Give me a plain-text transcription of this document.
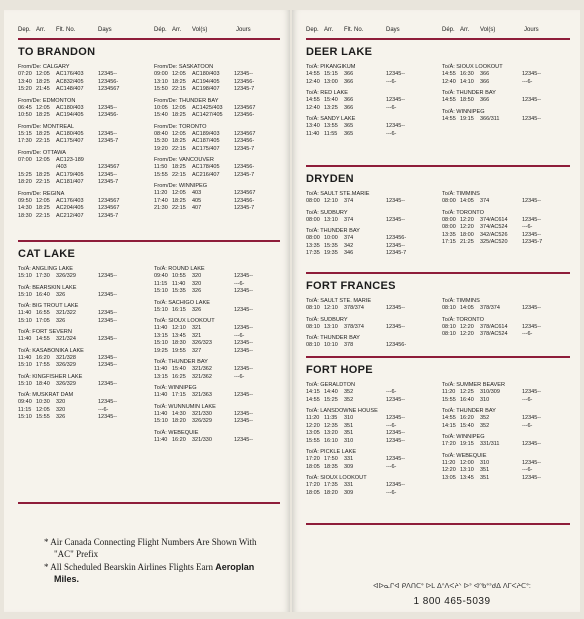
Dep. Arr. Flt. No.	Days	Dép. Arr. Vol(s)	Jours
TO BRANDON
From/De: CALGARY
07:20 12:05 AC176/403	12345--
13:40 18:25 AC832/405	123456-
15:20 21:45 AC148/407	1234567
From/De: EDMONTON
06:45 12:05 AC180/403	12345--
10:50 18:25 AC194/405	123456-
From/De: MONTREAL
15:15 18:25 AC180/405	12345--
17:30 22:15 AC175/407	12345-7
From/De: OTTAWA
07:00 12:05 AC123-189
/403	1234567
15:25 18:25 AC179/405	12345--
18:20 22:15 AC181/407	12345-7
From/De: REGINA
09:50 12:05 AC176/403	1234567
14:30 18:25 AC204/405	1234567
18:30 22:15 AC212/407	12345-7
From/De: SASKATOON
09:00 12:05 AC180/403	12345--
13:10 18:25 AC194/405	123456-
15:50 22:15 AC198/407	12345-7
From/De: THUNDER BAY
10:05 12:05 AC1425/403 1234567
15:40 18:25 AC1427/405 123456-
From/De: TORONTO
08:40 12:05 AC189/403	1234567
15:30 18:25 AC187/405	123456-
19:20 22:15 AC175/407	12345-7
From/De: VANCOUVER
11:50 18:25 AC178/405	123456-
15:55 22:15 AC216/407	12345-7
From/De: WINNIPEG
11:20 12:05 403	1234567
17:40 18:25 405	123456-
21:30 22:15 407	12345-7
CAT LAKE
To/À: ANGLING LAKE
15:10 17:30 326/329	12345--
To/À: BEARSKIN LAKE
15:10 16:40 326	12345--
To/À: BIG TROUT LAKE
11:40 16:55 321/322	12345--
15:10 17:05 326	12345--
To/À: FORT SEVERN
11:40 14:55 321/324	12345--
To/À: KASABONIKA LAKE
11:40 16:20 321/328	12345--
15:10 17:55 326/329	12345--
To/À: KINGFISHER LAKE
15:10 18:40 326/329	12345--
To/À: MUSKRAT DAM
09:40 10:30 320	12345--
11:15 12:05 320	---6-
15:10 15:55 326	12345--
To/À: ROUND LAKE
09:40 10:55 320	12345--
11:15 11:40 320	---6-
15:10 15:35 326	12345--
To/À: SACHIGO LAKE
15:10 16:15 326	12345--
To/À: SIOUX LOOKOUT
11:40 12:10 321	12345--
13:15 13:45 321	---6-
15:10 18:30 326/323	12345--
19:25 19:55 327	12345--
To/À: THUNDER BAY
11:40 15:40 321/362	12345--
13:15 16:25 321/362	---6-
To/À: WINNIPEG
11:40 17:15 321/363	12345--
To/À: WUNNUMIN LAKE
11:40 14:30 321/330	12345--
15:10 18:20 326/329	12345--
To/À: WEBEQUIE
11:40 16:20 321/330	12345--
* Air Canada Connecting Flight Numbers Are Shown With "AC" Prefix
* All Scheduled Bearskin Airlines Flights Earn Aeroplan Miles.
Dep. Arr. Flt. No.	Days	Dép. Arr. Vol(s)	Jours
DEER LAKE
To/À: PIKANGIKUM
14:55 15:15 366	12345--
12:40 13:00 366	---6-
To/À: RED LAKE
14:55 15:40 366	12345--
12:40 13:25 366	---6-
To/À: SANDY LAKE
13:40 13:55 365	12345--
11:40 11:55 365	---6-
To/À: SIOUX LOOKOUT
14:55 16:30 366	12345--
12:40 14:10 366	---6-
To/À: THUNDER BAY
14:55 18:50 366	12345--
To/À: WINNIPEG
14:55 19:15 366/311	12345--
DRYDEN
To/À: SAULT STE.MARIE
08:00 12:10 374	12345--
To/À: SUDBURY
08:00 13:10 374	12345--
To/À: THUNDER BAY
08:00 10:00 374	123456-
13:35 15:35 342	12345--
17:35 19:35 346	12345-7
To/À: TIMMINS
08:00 14:05 374	12345--
To/À: TORONTO
08:00 12:20 374/AC614	12345--
08:00 12:20 374/AC524	---6-
13:35 18:00 342/AC526	12345--
17:15 21:25 325/AC520	12345-7
FORT FRANCES
To/À: SAULT STE. MARIE
08:10 12:10 378/374	12345--
To/À: SUDBURY
08:10 13:10 378/374	12345--
To/À: THUNDER BAY
08:10 10:10 378	123456-
To/À: TIMMINS
08:10 14:05 378/374	12345--
To/À: TORONTO
08:10 12:20 378/AC614	12345--
08:10 12:20 378/AC524	---6-
FORT HOPE
To/À: GERALDTON
14:15 14:40 352	---6-
14:55 15:25 352	12345--
To/À: LANSDOWNE HOUSE
11:20 11:35 310	12345--
12:20 12:35 351	---6-
13:05 13:20 351	12345--
15:55 16:10 310	12345--
To/À: PICKLE LAKE
17:20 17:50 331	12345--
18:05 18:35 309	---6-
To/À: SIOUX LOOKOUT
17:20 17:35 331	12345--
18:05 18:20 309	---6-
To/À: SUMMER BEAVER
11:20 12:25 310/309	12345--
15:55 16:40 310	---6-
To/À: THUNDER BAY
14:55 16:20 352	12345--
14:15 15:40 352	---6-
To/À: WINNIPEG
17:20 19:15 331/311	12345--
To/À: WEBEQUIE
11:20 12:00 310	12345--
12:20 13:10 351	---6-
13:05 13:45 351	12345--
ᐊᐅᓇᒋᐊ ᑭᐱᑎᑕᐤ ᐅᒪ ᐃᐢᐱᐸᔨᐠ ᐅᐣ ᐊᐢᑲᐤᐣᑯᐃ ᐱᒥᐸᔨᑕᐤ:
1 800 465-5039
